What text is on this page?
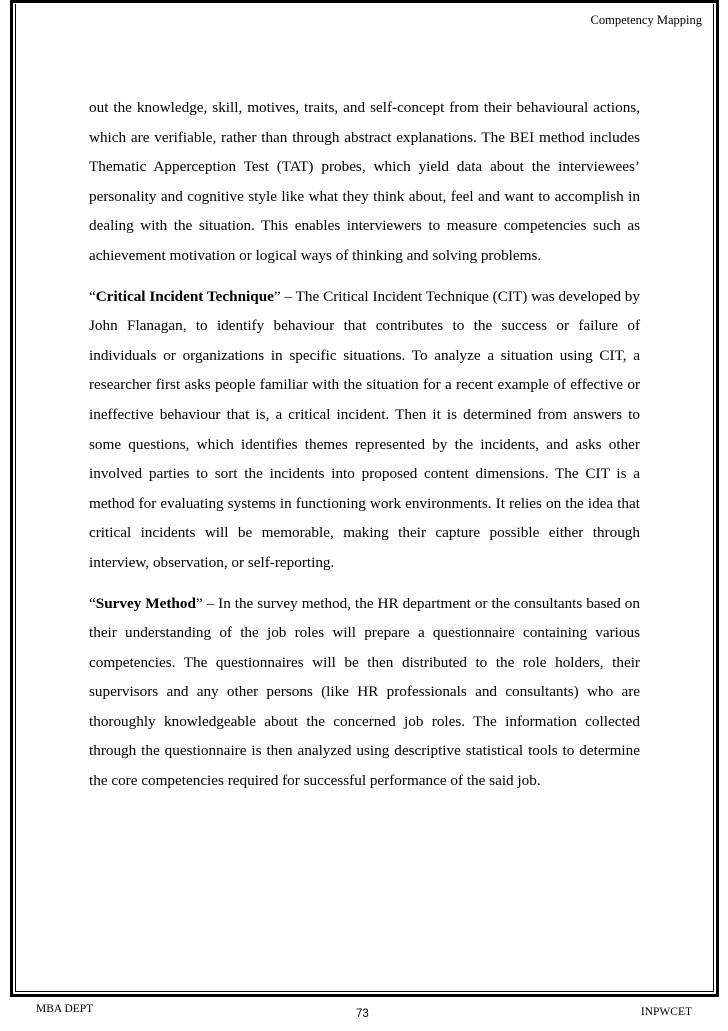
Competency Mapping

out the knowledge, skill, motives, traits, and self-concept from their behavioural actions, which are verifiable, rather than through abstract explanations. The BEI method includes Thematic Apperception Test (TAT) probes, which yield data about the interviewees’ personality and cognitive style like what they think about, feel and want to accomplish in dealing with the situation. This enables interviewers to measure competencies such as achievement motivation or logical ways of thinking and solving problems.

“Critical Incident Technique” – The Critical Incident Technique (CIT) was developed by John Flanagan, to identify behaviour that contributes to the success or failure of individuals or organizations in specific situations. To analyze a situation using CIT, a researcher first asks people familiar with the situation for a recent example of effective or ineffective behaviour that is, a critical incident. Then it is determined from answers to some questions, which identifies themes represented by the incidents, and asks other involved parties to sort the incidents into proposed content dimensions. The CIT is a method for evaluating systems in functioning work environments. It relies on the idea that critical incidents will be memorable, making their capture possible either through interview, observation, or self-reporting.

“Survey Method” – In the survey method, the HR department or the consultants based on their understanding of the job roles will prepare a questionnaire containing various competencies. The questionnaires will be then distributed to the role holders, their supervisors and any other persons (like HR professionals and consultants) who are thoroughly knowledgeable about the concerned job roles. The information collected through the questionnaire is then analyzed using descriptive statistical tools to determine the core competencies required for successful performance of the said job.

MBA DEPT	73	INPWCET
